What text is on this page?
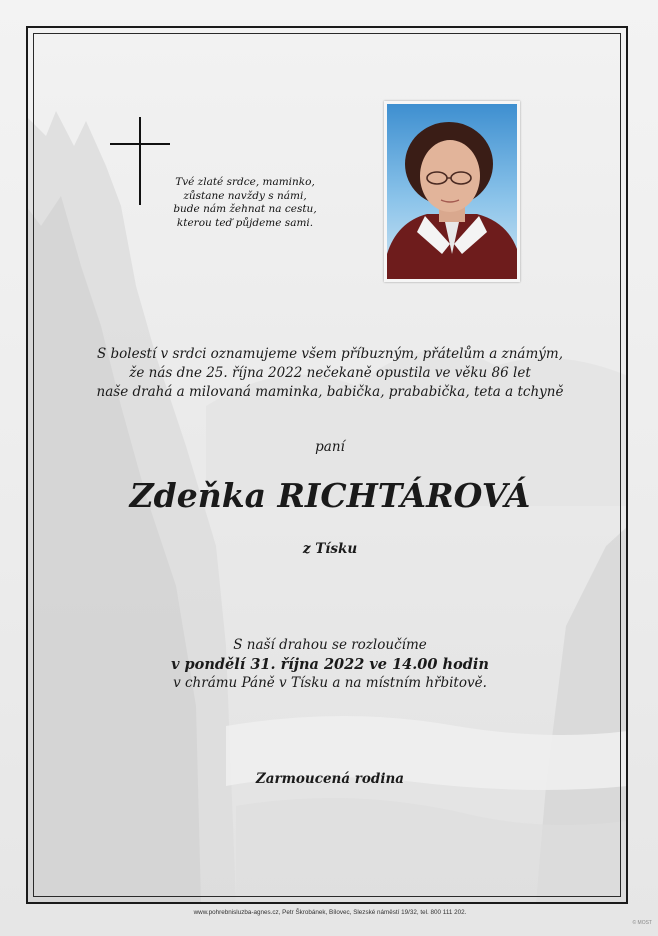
Tvé zlaté srdce, maminko,
zůstane navždy s námi,
bude nám žehnat na cestu,
kterou teď půjdeme sami.
S bolestí v srdci oznamujeme všem příbuzným, přátelům a známým,
že nás dne 25. října 2022 nečekaně opustila ve věku 86 let
naše drahá a milovaná maminka, babička, prababička, teta a tchyně
paní
Zdeňka RICHTÁROVÁ
z Tísku
S naší drahou se rozloučíme
v pondělí 31. října 2022 ve 14.00 hodin
v chrámu Páně v Tísku a na místním hřbitově.
Zarmoucená rodina
www.pohrebnisluzba-agnes.cz, Petr Škrobánek, Bílovec, Slezské náměstí 19/32, tel. 800 111 202.
© MOST
